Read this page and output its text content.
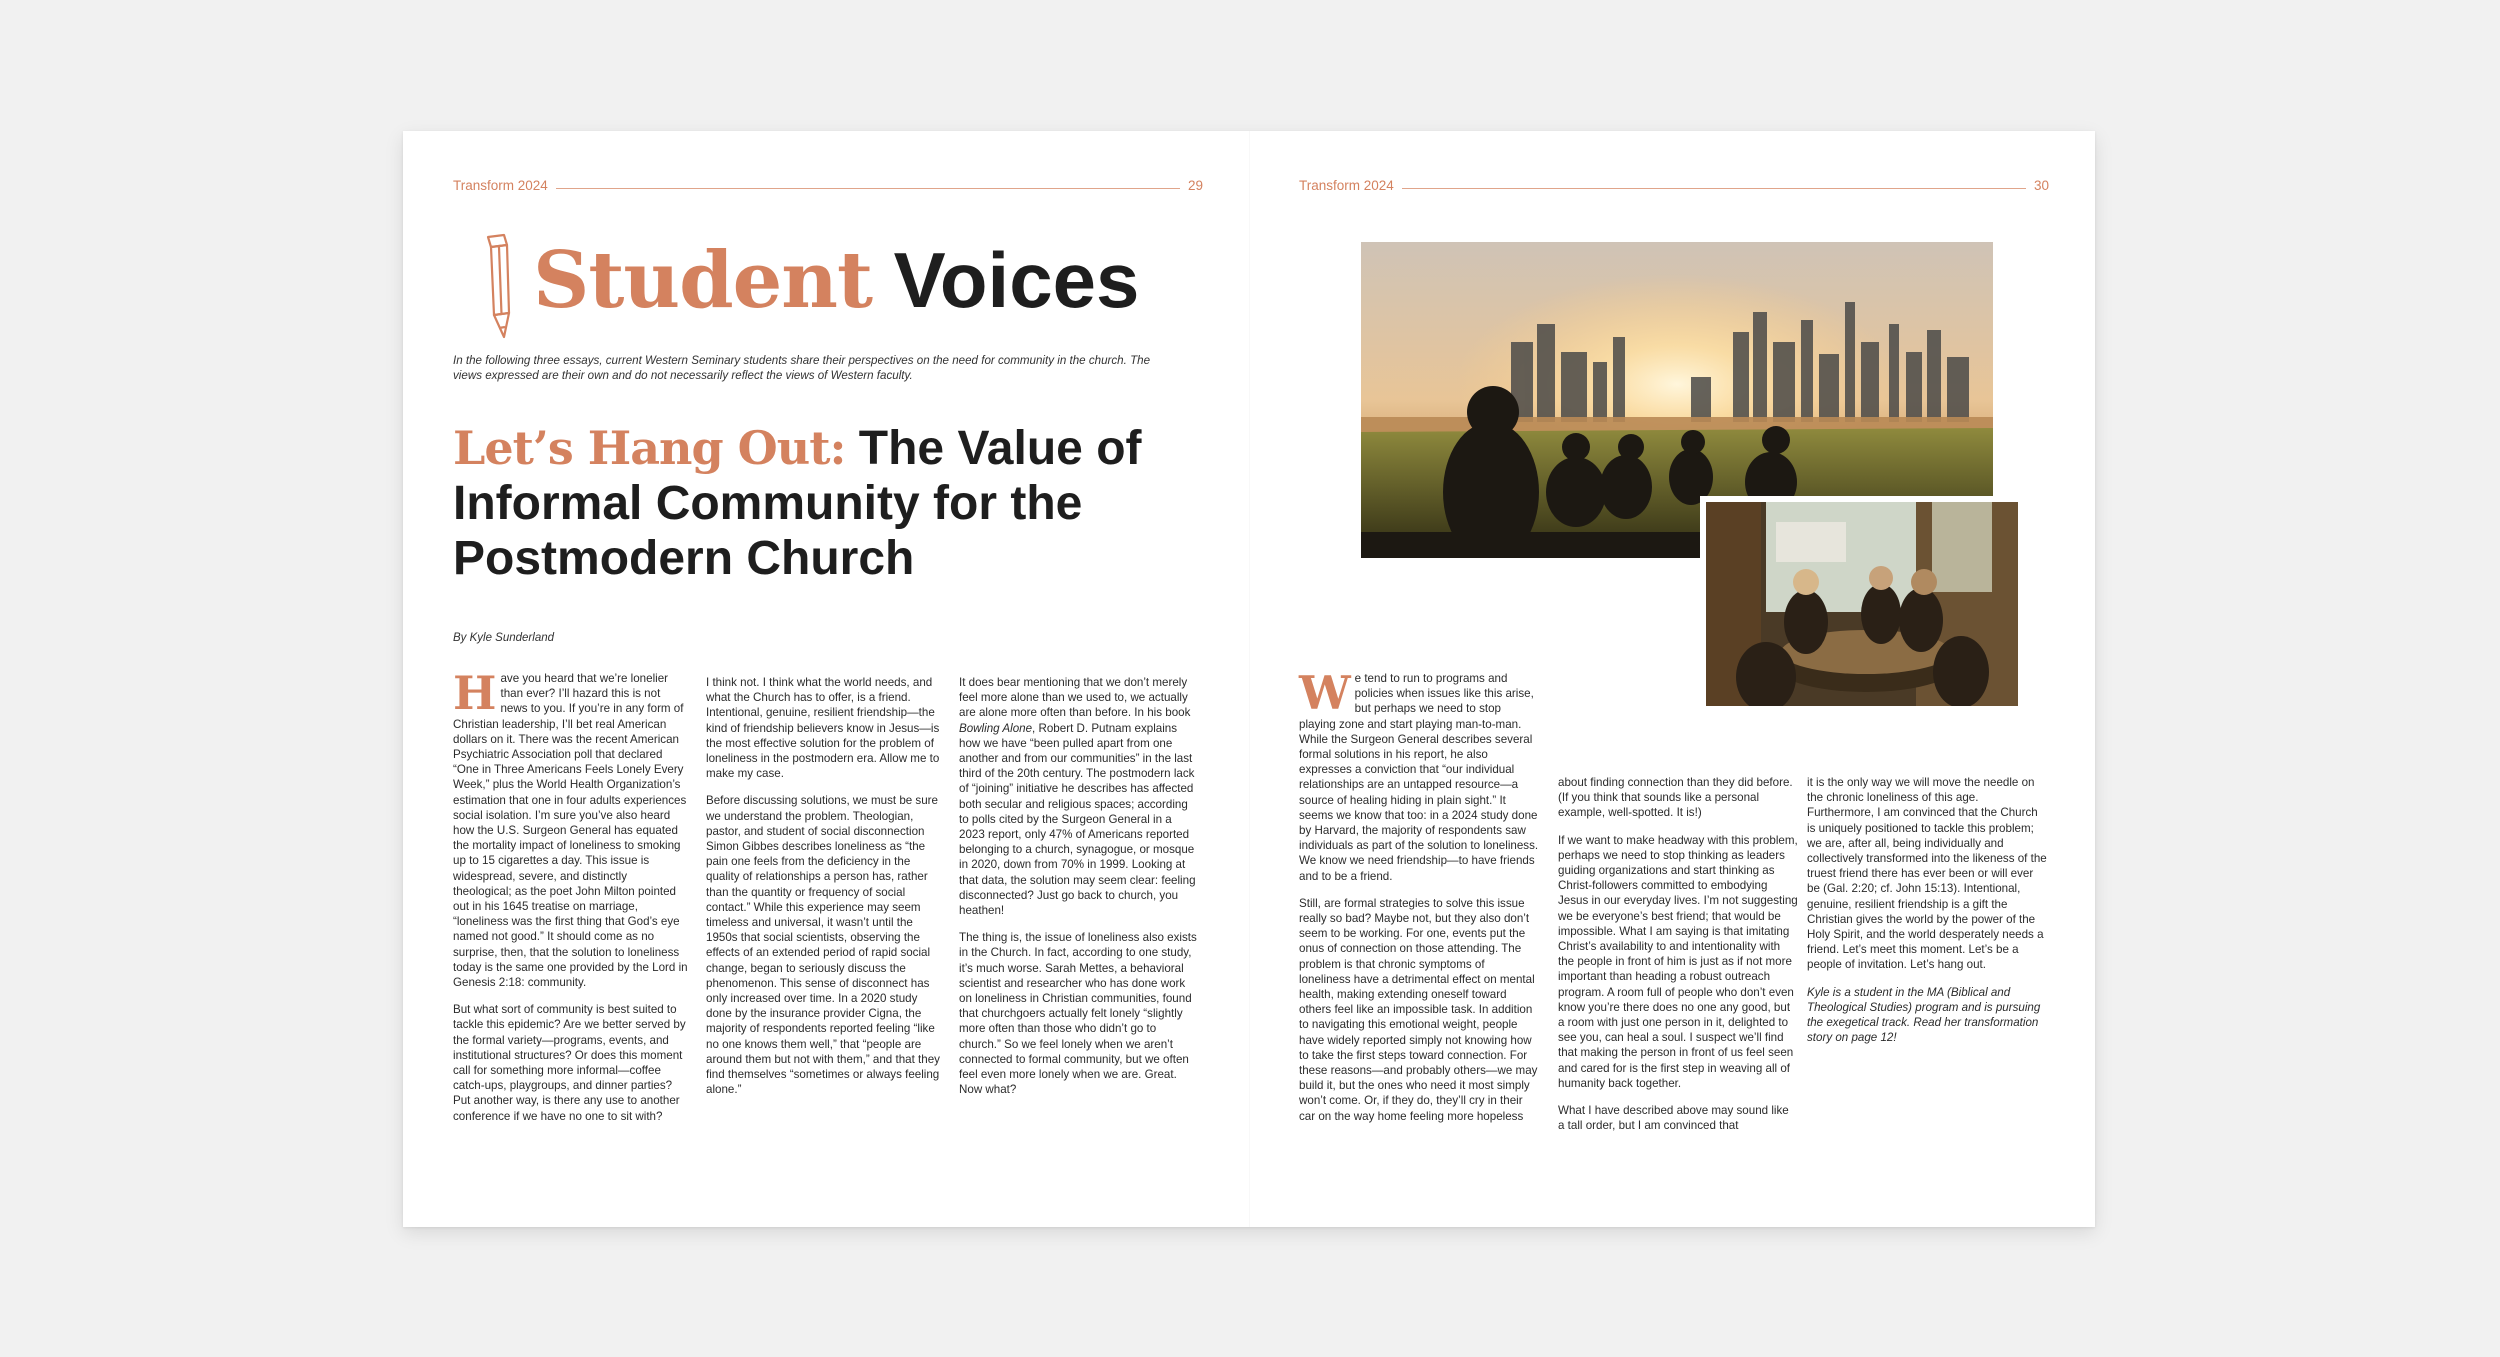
Transform 2024	29
Student Voices
In the following three essays, current Western Seminary students share their perspectives on the need for community in the church. The views expressed are their own and do not necessarily reflect the views of Western faculty.
Let’s Hang Out: The Value of Informal Community for the Postmodern Church
By Kyle Sunderland

H ave you heard that we’re lonelier than ever? I’ll hazard this is not news to you. If you’re in any form of Christian leadership, I’ll bet real American dollars on it. There was the recent American Psychiatric Association poll that declared “One in Three Americans Feels Lonely Every Week,” plus the World Health Organization’s estimation that one in four adults experiences social isolation. I’m sure you’ve also heard how the U.S. Surgeon General has equated the mortality impact of loneliness to smoking up to 15 cigarettes a day. This issue is widespread, severe, and distinctly theological; as the poet John Milton pointed out in his 1645 treatise on marriage, “loneliness was the first thing that God’s eye named not good.” It should come as no surprise, then, that the solution to loneliness today is the same one provided by the Lord in Genesis 2:18: community.

But what sort of community is best suited to tackle this epidemic? Are we better served by the formal variety—programs, events, and institutional structures? Or does this moment call for something more informal—coffee catch-ups, playgroups, and dinner parties? Put another way, is there any use to another conference if we have no one to sit with?

I think not. I think what the world needs, and what the Church has to offer, is a friend. Intentional, genuine, resilient friendship—the kind of friendship believers know in Jesus—is the most effective solution for the problem of loneliness in the postmodern era. Allow me to make my case.

Before discussing solutions, we must be sure we understand the problem. Theologian, pastor, and student of social disconnection Simon Gibbes describes loneliness as “the pain one feels from the deficiency in the quality of relationships a person has, rather than the quantity or frequency of social contact.” While this experience may seem timeless and universal, it wasn’t until the 1950s that social scientists, observing the effects of an extended period of rapid social change, began to seriously discuss the phenomenon. This sense of disconnect has only increased over time. In a 2020 study done by the insurance provider Cigna, the majority of respondents reported feeling “like no one knows them well,” that “people are around them but not with them,” and that they find themselves “sometimes or always feeling alone.”

It does bear mentioning that we don’t merely feel more alone than we used to, we actually are alone more often than before. In his book Bowling Alone, Robert D. Putnam explains how we have “been pulled apart from one another and from our communities” in the last third of the 20th century. The postmodern lack of “joining” initiative he describes has affected both secular and religious spaces; according to polls cited by the Surgeon General in a 2023 report, only 47% of Americans reported belonging to a church, synagogue, or mosque in 2020, down from 70% in 1999. Looking at that data, the solution may seem clear: feeling disconnected? Just go back to church, you heathen!

The thing is, the issue of loneliness also exists in the Church. In fact, according to one study, it’s much worse. Sarah Mettes, a behavioral scientist and researcher who has done work on loneliness in Christian communities, found that churchgoers actually felt lonely “slightly more often than those who didn’t go to church.” So we feel lonely when we aren’t connected to formal community, but we often feel even more lonely when we are. Great. Now what?

Transform 2024	30

W e tend to run to programs and policies when issues like this arise, but perhaps we need to stop playing zone and start playing man-to-man. While the Surgeon General describes several formal solutions in his report, he also expresses a conviction that “our individual relationships are an untapped resource—a source of healing hiding in plain sight.” It seems we know that too: in a 2024 study done by Harvard, the majority of respondents saw individuals as part of the solution to loneliness. We know we need friendship—to have friends and to be a friend.

Still, are formal strategies to solve this issue really so bad? Maybe not, but they also don’t seem to be working. For one, events put the onus of connection on those attending. The problem is that chronic symptoms of loneliness have a detrimental effect on mental health, making extending oneself toward others feel like an impossible task. In addition to navigating this emotional weight, people have widely reported simply not knowing how to take the first steps toward connection. For these reasons—and probably others—we may build it, but the ones who need it most simply won’t come. Or, if they do, they’ll cry in their car on the way home feeling more hopeless

about finding connection than they did before. (If you think that sounds like a personal example, well-spotted. It is!)

If we want to make headway with this problem, perhaps we need to stop thinking as leaders guiding organizations and start thinking as Christ-followers committed to embodying Jesus in our everyday lives. I’m not suggesting we be everyone’s best friend; that would be impossible. What I am saying is that imitating Christ’s availability to and intentionality with the people in front of him is just as if not more important than heading a robust outreach program. A room full of people who don’t even know you’re there does no one any good, but a room with just one person in it, delighted to see you, can heal a soul. I suspect we’ll find that making the person in front of us feel seen and cared for is the first step in weaving all of humanity back together.

What I have described above may sound like a tall order, but I am convinced that

it is the only way we will move the needle on the chronic loneliness of this age. Furthermore, I am convinced that the Church is uniquely positioned to tackle this problem; we are, after all, being individually and collectively transformed into the likeness of the truest friend there has ever been or will ever be (Gal. 2:20; cf. John 15:13). Intentional, genuine, resilient friendship is a gift the Christian gives the world by the power of the Holy Spirit, and the world desperately needs a friend. Let’s meet this moment. Let’s be a people of invitation. Let’s hang out.

Kyle is a student in the MA (Biblical and Theological Studies) program and is pursuing the exegetical track. Read her transformation story on page 12!
